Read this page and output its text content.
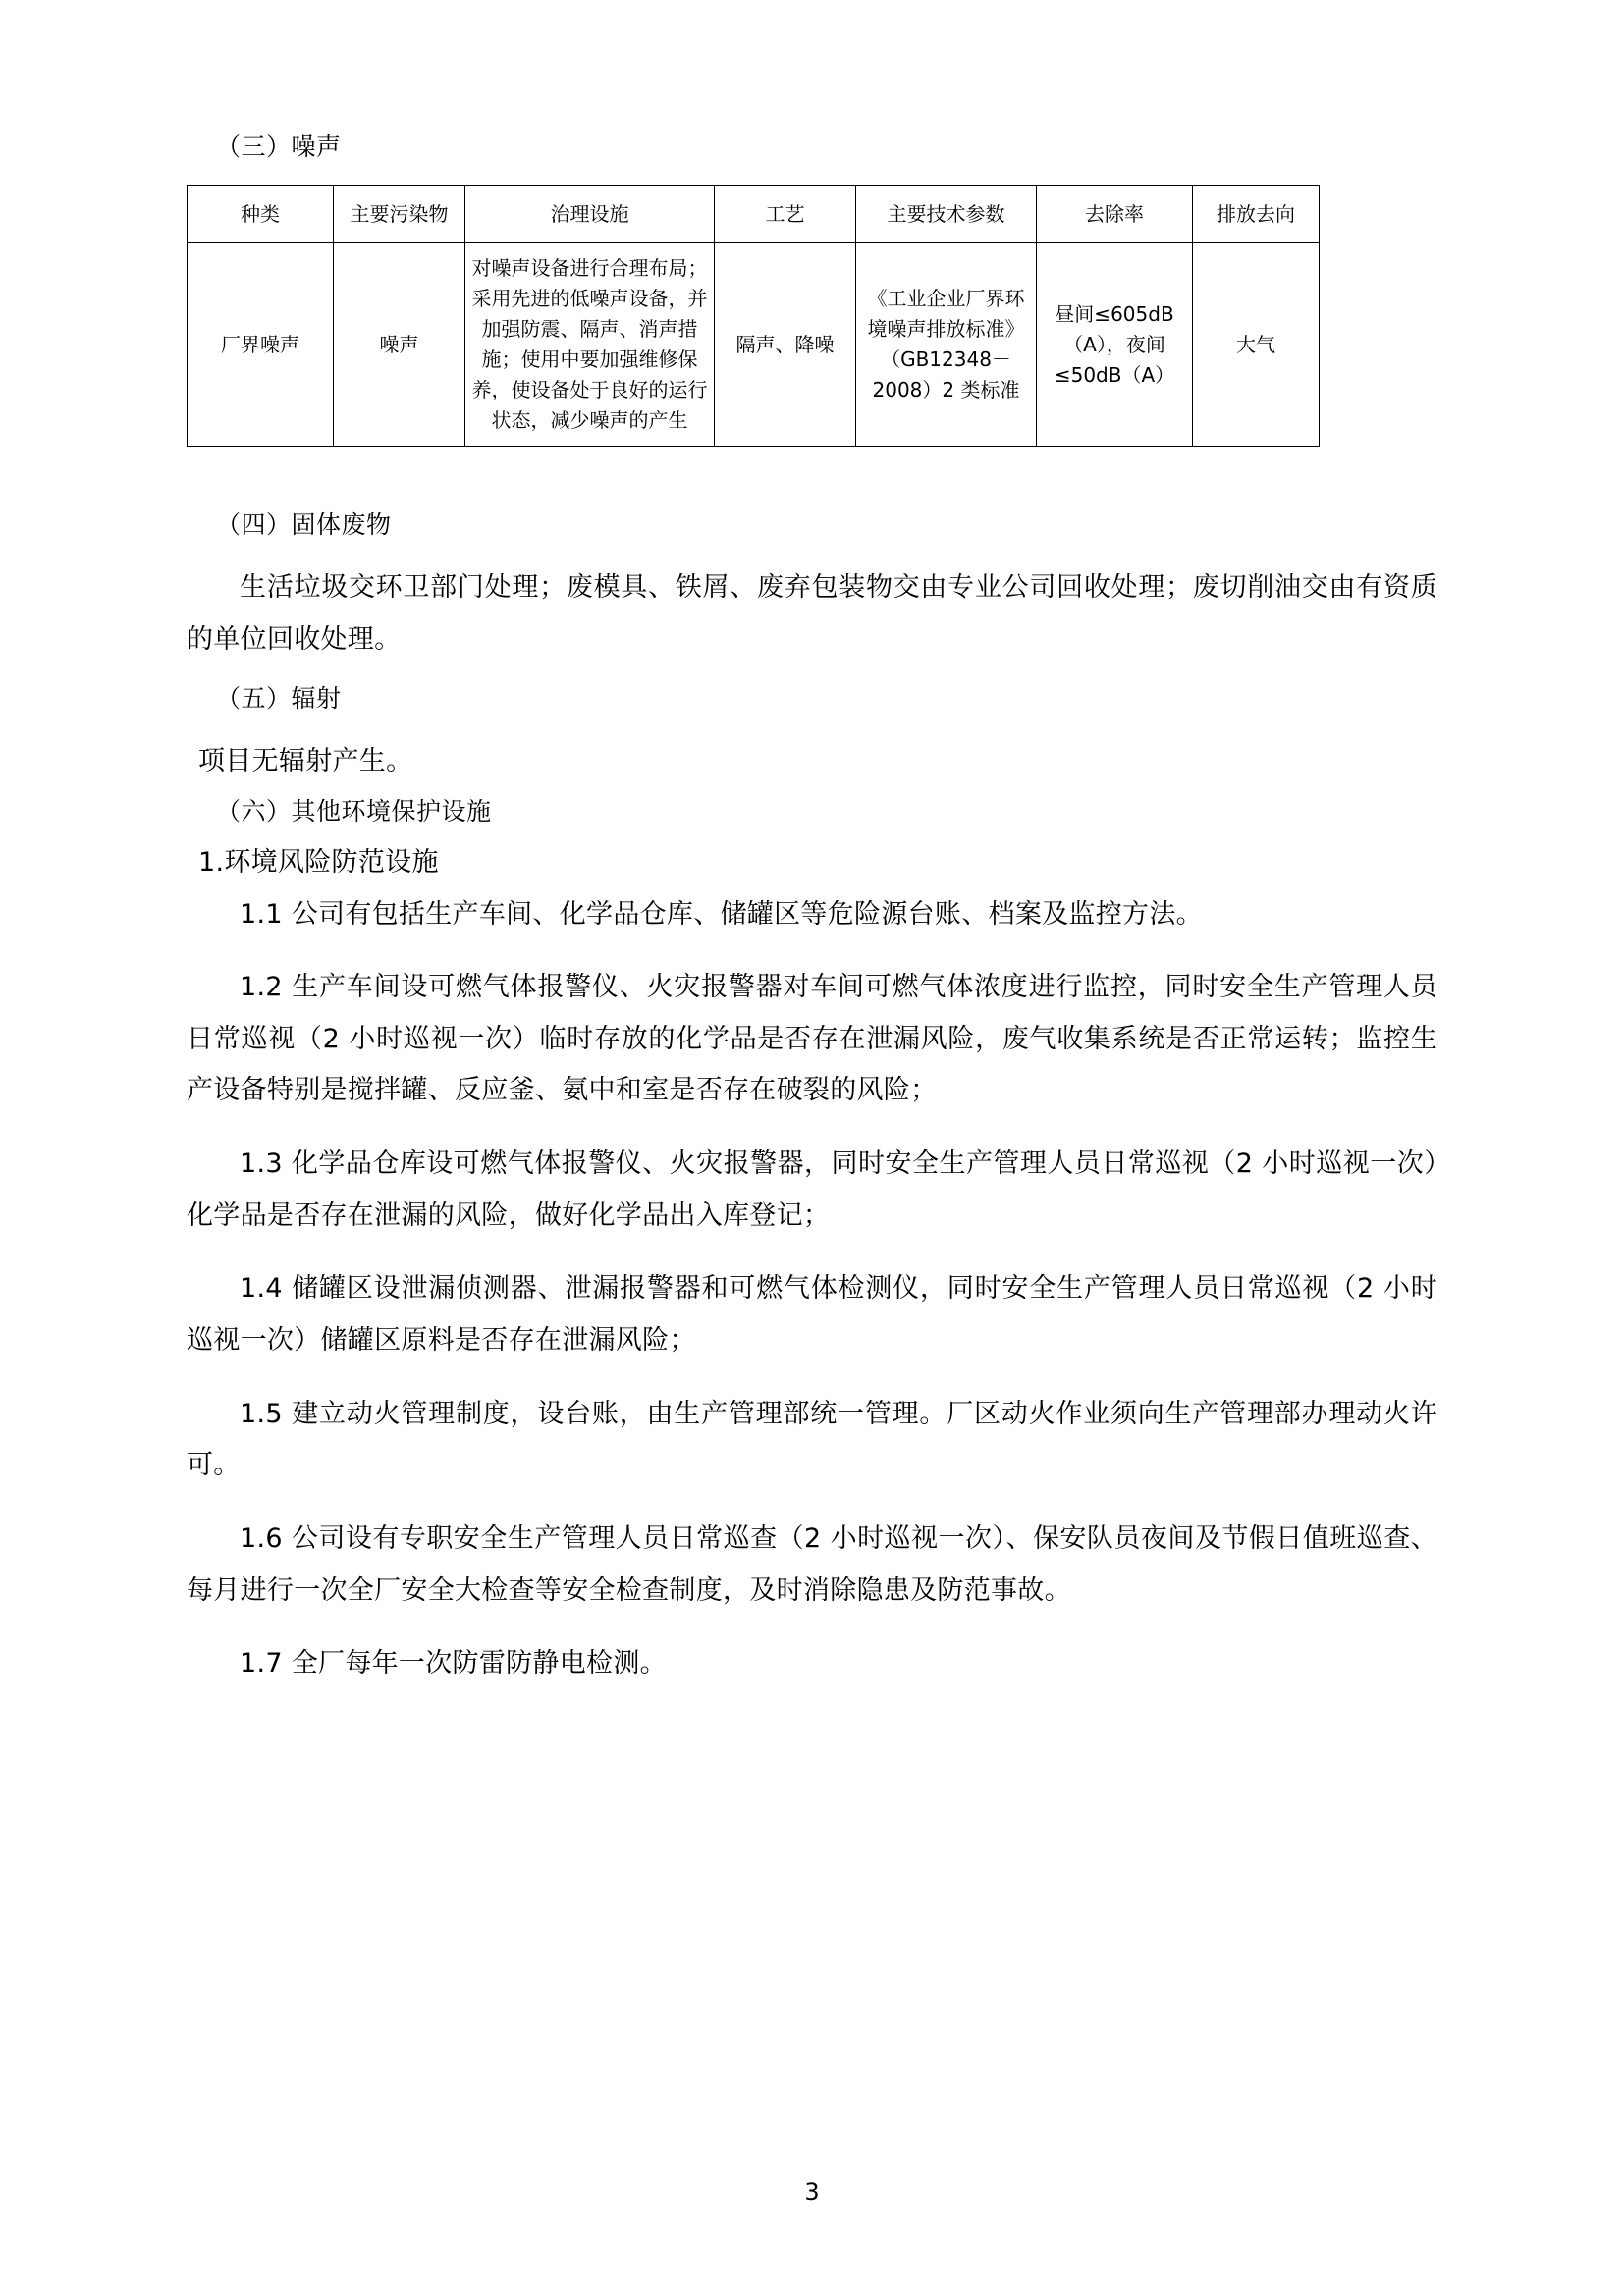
（三）噪声
种类	主要污染物	治理设施	工艺	主要技术参数	去除率	排放去向
厂界噪声	噪声	对噪声设备进行合理布局；采用先进的低噪声设备，并加强防震、隔声、消声措施；使用中要加强维修保养，使设备处于良好的运行状态，减少噪声的产生	隔声、降噪	《工业企业厂界环境噪声排放标准》（GB12348－2008）2 类标准	昼间≤605dB（A），夜间≤50dB（A）	大气
（四）固体废物

生活垃圾交环卫部门处理；废模具、铁屑、废弃包装物交由专业公司回收处理；废切削油交由有资质的单位回收处理。

（五）辐射

项目无辐射产生。

（六）其他环境保护设施

1.环境风险防范设施

1.1 公司有包括生产车间、化学品仓库、储罐区等危险源台账、档案及监控方法。

1.2 生产车间设可燃气体报警仪、火灾报警器对车间可燃气体浓度进行监控，同时安全生产管理人员日常巡视（2 小时巡视一次）临时存放的化学品是否存在泄漏风险，废气收集系统是否正常运转；监控生产设备特别是搅拌罐、反应釜、氨中和室是否存在破裂的风险；

1.3 化学品仓库设可燃气体报警仪、火灾报警器，同时安全生产管理人员日常巡视（2 小时巡视一次）化学品是否存在泄漏的风险，做好化学品出入库登记；

1.4 储罐区设泄漏侦测器、泄漏报警器和可燃气体检测仪，同时安全生产管理人员日常巡视（2 小时巡视一次）储罐区原料是否存在泄漏风险；

1.5 建立动火管理制度，设台账，由生产管理部统一管理。厂区动火作业须向生产管理部办理动火许可。

1.6 公司设有专职安全生产管理人员日常巡查（2 小时巡视一次）、保安队员夜间及节假日值班巡查、每月进行一次全厂安全大检查等安全检查制度，及时消除隐患及防范事故。

1.7 全厂每年一次防雷防静电检测。

3
